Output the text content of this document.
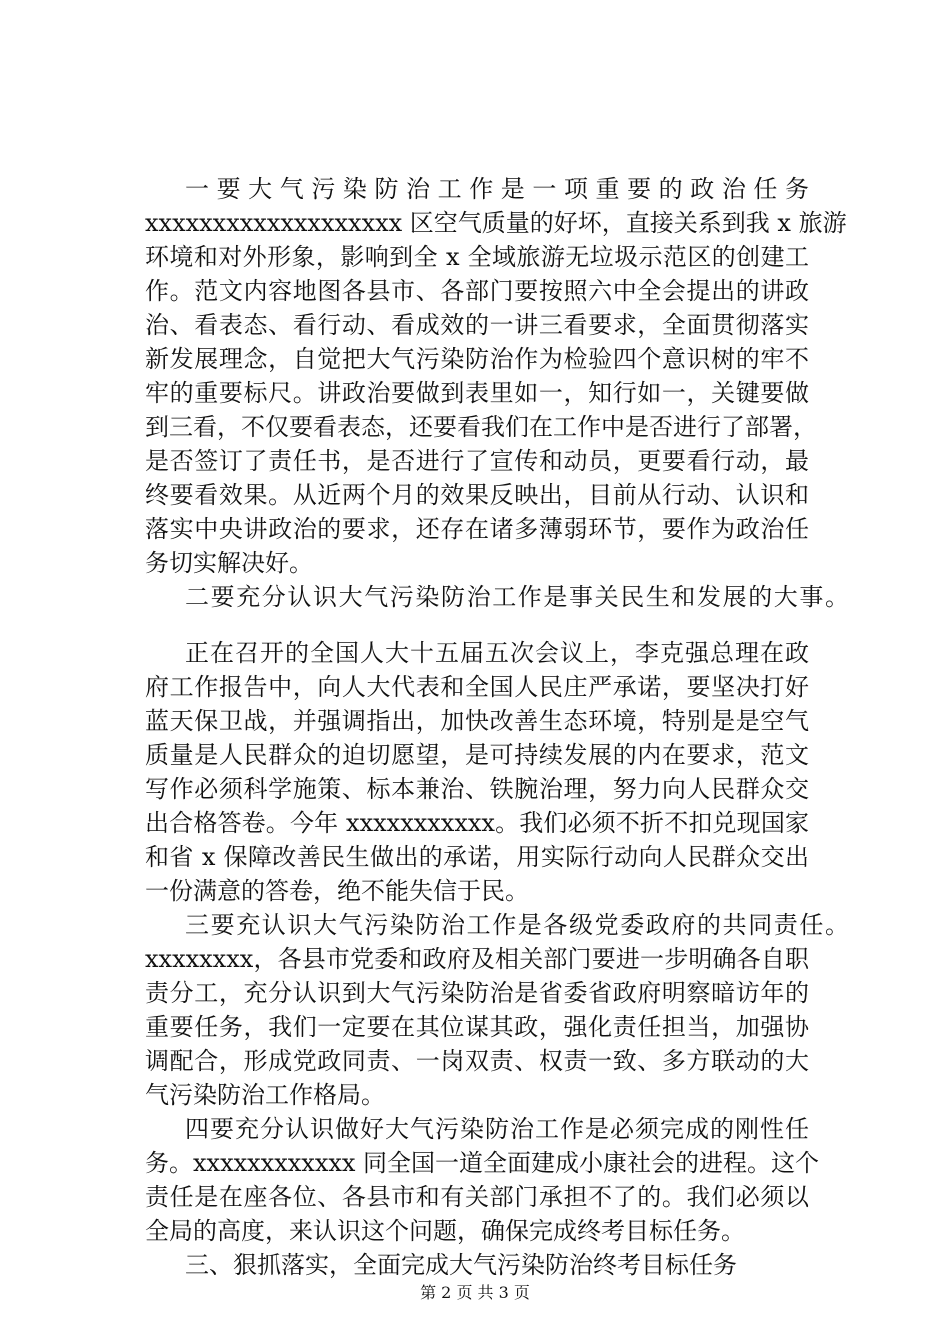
一要大气污染防治工作是一项重要的政治任务
xxxxxxxxxxxxxxxxxxx 区空气质量的好坏，直接关系到我 x 旅游
环境和对外形象，影响到全 x 全域旅游无垃圾示范区的创建工
作。范文内容地图各县市、各部门要按照六中全会提出的讲政
治、看表态、看行动、看成效的一讲三看要求，全面贯彻落实
新发展理念，自觉把大气污染防治作为检验四个意识树的牢不
牢的重要标尺。讲政治要做到表里如一，知行如一，关键要做
到三看，不仅要看表态，还要看我们在工作中是否进行了部署，
是否签订了责任书，是否进行了宣传和动员，更要看行动，最
终要看效果。从近两个月的效果反映出，目前从行动、认识和
落实中央讲政治的要求，还存在诸多薄弱环节，要作为政治任
务切实解决好。
二要充分认识大气污染防治工作是事关民生和发展的大事。
正在召开的全国人大十五届五次会议上，李克强总理在政
府工作报告中，向人大代表和全国人民庄严承诺，要坚决打好
蓝天保卫战，并强调指出，加快改善生态环境，特别是是空气
质量是人民群众的迫切愿望，是可持续发展的内在要求，范文
写作必须科学施策、标本兼治、铁腕治理，努力向人民群众交
出合格答卷。今年 xxxxxxxxxxx。我们必须不折不扣兑现国家
和省 x 保障改善民生做出的承诺，用实际行动向人民群众交出
一份满意的答卷，绝不能失信于民。
三要充认识大气污染防治工作是各级党委政府的共同责任。
xxxxxxxx，各县市党委和政府及相关部门要进一步明确各自职
责分工，充分认识到大气污染防治是省委省政府明察暗访年的
重要任务，我们一定要在其位谋其政，强化责任担当，加强协
调配合，形成党政同责、一岗双责、权责一致、多方联动的大
气污染防治工作格局。
四要充分认识做好大气污染防治工作是必须完成的刚性任
务。xxxxxxxxxxxx 同全国一道全面建成小康社会的进程。这个
责任是在座各位、各县市和有关部门承担不了的。我们必须以
全局的高度，来认识这个问题，确保完成终考目标任务。
三、狠抓落实，全面完成大气污染防治终考目标任务
第 2 页 共 3 页
